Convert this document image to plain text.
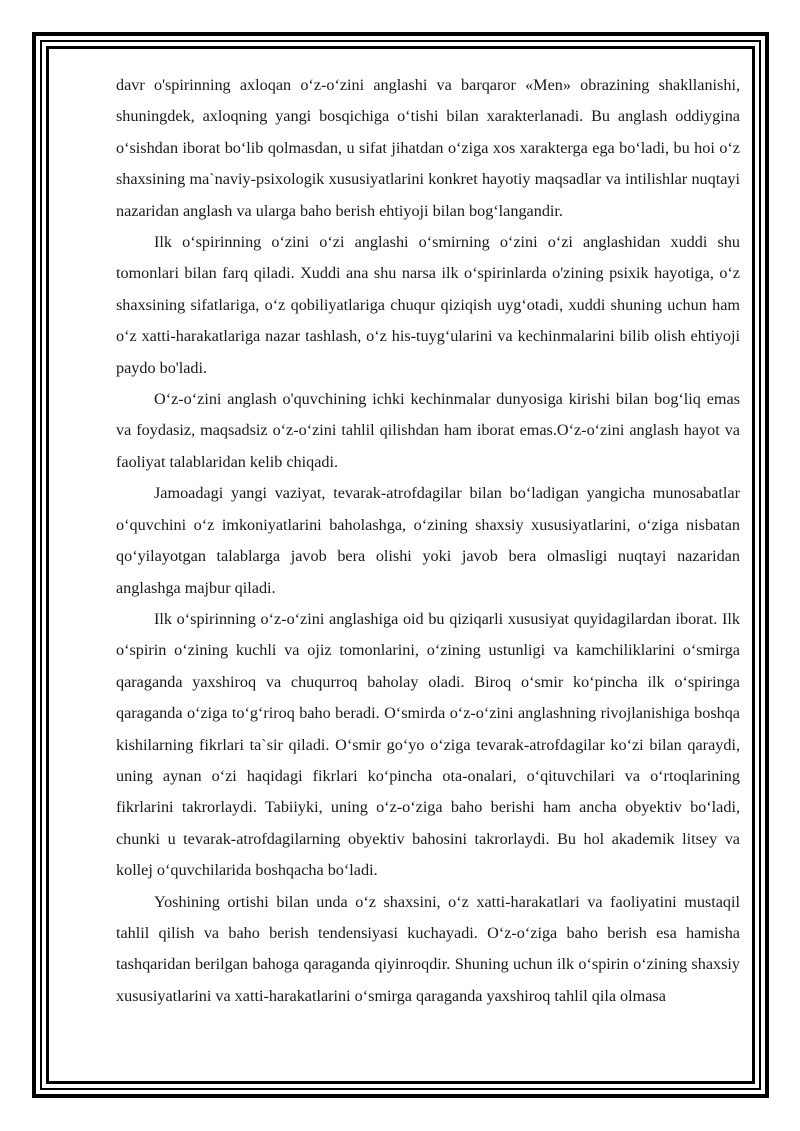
davr o'spirinning axloqan o‘z-o‘zini anglashi va barqaror «Men» obrazining shakllanishi, shuningdek, axloqning yangi bosqichiga o‘tishi bilan xarakterlanadi. Bu anglash oddiygina o‘sishdan iborat bo‘lib qolmasdan, u sifat jihatdan o‘ziga xos xarakterga ega bo‘ladi, bu hoi o‘z shaxsining ma`naviy-psixologik xususiyatlarini konkret hayotiy maqsadlar va intilishlar nuqtayi nazaridan anglash va ularga baho berish ehtiyoji bilan bog‘langandir.

Ilk o‘spirinning o‘zini o‘zi anglashi o‘smirning o‘zini o‘zi anglashidan xuddi shu tomonlari bilan farq qiladi. Xuddi ana shu narsa ilk o‘spirinlarda o'zining psixik hayotiga, o‘z shaxsining sifatlariga, o‘z qobiliyatlariga chuqur qiziqish uyg‘otadi, xuddi shuning uchun ham o‘z xatti-harakatlariga nazar tashlash, o‘z his-tuyg‘ularini va kechinmalarini bilib olish ehtiyoji paydo bo'ladi.

O‘z-o‘zini anglash o'quvchining ichki kechinmalar dunyosiga kirishi bilan bog‘liq emas va foydasiz, maqsadsiz o‘z-o‘zini tahlil qilishdan ham iborat emas.O‘z-o‘zini anglash hayot va faoliyat talablaridan kelib chiqadi.

Jamoadagi yangi vaziyat, tevarak-atrofdagilar bilan bo‘ladigan yangicha munosabatlar o‘quvchini o‘z imkoniyatlarini baholashga, o‘zining shaxsiy xususiyatlarini, o‘ziga nisbatan qo‘yilayotgan talablarga javob bera olishi yoki javob bera olmasligi nuqtayi nazaridan anglashga majbur qiladi.

Ilk o‘spirinning o‘z-o‘zini anglashiga oid bu qiziqarli xususiyat quyidagilardan iborat. Ilk o‘spirin o‘zining kuchli va ojiz tomonlarini, o‘zining ustunligi va kamchiliklarini o‘smirga qaraganda yaxshiroq va chuqurroq baholay oladi. Biroq o‘smir ko‘pincha ilk o‘spiringa qaraganda o‘ziga to‘g‘riroq baho beradi. O‘smirda o‘z-o‘zini anglashning rivojlanishiga boshqa kishilarning fikrlari ta`sir qiladi. O‘smir go‘yo o‘ziga tevarak-atrofdagilar ko‘zi bilan qaraydi, uning aynan o‘zi haqidagi fikrlari ko‘pincha ota-onalari, o‘qituvchilari va o‘rtoqlarining fikrlarini takrorlaydi. Tabiiyki, uning o‘z-o‘ziga baho berishi ham ancha obyektiv bo‘ladi, chunki u tevarak-atrofdagilarning obyektiv bahosini takrorlaydi. Bu hol akademik litsey va kollej o‘quvchilarida boshqacha bo‘ladi.

Yoshining ortishi bilan unda o‘z shaxsini, o‘z xatti-harakatlari va faoliyatini mustaqil tahlil qilish va baho berish tendensiyasi kuchayadi. O‘z-o‘ziga baho berish esa hamisha tashqaridan berilgan bahoga qaraganda qiyinroqdir. Shuning uchun ilk o‘spirin o‘zining shaxsiy xususiyatlarini va xatti-harakatlarini o‘smirga qaraganda yaxshiroq tahlil qila olmasa
